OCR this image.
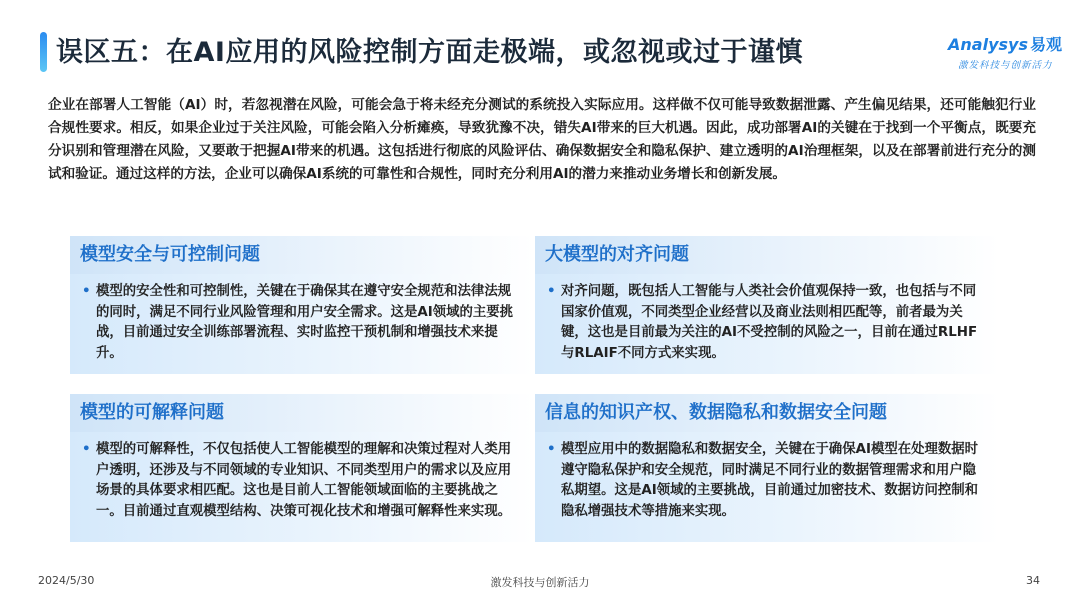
误区五：在AI应用的风险控制方面走极端，或忽视或过于谨慎	Analysys 易观
激发科技与创新活力
企业在部署人工智能（AI）时，若忽视潜在风险，可能会急于将未经充分测试的系统投入实际应用。这样做不仅可能导致数据泄露、产生偏见结果，还可能触犯行业合规性要求。相反，如果企业过于关注风险，可能会陷入分析瘫痪，导致犹豫不决，错失AI带来的巨大机遇。因此，成功部署AI的关键在于找到一个平衡点，既要充分识别和管理潜在风险，又要敢于把握AI带来的机遇。这包括进行彻底的风险评估、确保数据安全和隐私保护、建立透明的AI治理框架，以及在部署前进行充分的测试和验证。通过这样的方法，企业可以确保AI系统的可靠性和合规性，同时充分利用AI的潜力来推动业务增长和创新发展。
模型安全与可控制问题
• 模型的安全性和可控制性，关键在于确保其在遵守安全规范和法律法规的同时，满足不同行业风险管理和用户安全需求。这是AI领域的主要挑战，目前通过安全训练部署流程、实时监控干预机制和增强技术来提升。
大模型的对齐问题
• 对齐问题，既包括人工智能与人类社会价值观保持一致，也包括与不同国家价值观，不同类型企业经营以及商业法则相匹配等，前者最为关键，这也是目前最为关注的AI不受控制的风险之一，目前在通过RLHF与RLAIF不同方式来实现。
模型的可解释问题
• 模型的可解释性，不仅包括使人工智能模型的理解和决策过程对人类用户透明，还涉及与不同领域的专业知识、不同类型用户的需求以及应用场景的具体要求相匹配。这也是目前人工智能领域面临的主要挑战之一。目前通过直观模型结构、决策可视化技术和增强可解释性来实现。
信息的知识产权、数据隐私和数据安全问题
• 模型应用中的数据隐私和数据安全，关键在于确保AI模型在处理数据时遵守隐私保护和安全规范，同时满足不同行业的数据管理需求和用户隐私期望。这是AI领域的主要挑战，目前通过加密技术、数据访问控制和隐私增强技术等措施来实现。
2024/5/30	激发科技与创新活力	34
